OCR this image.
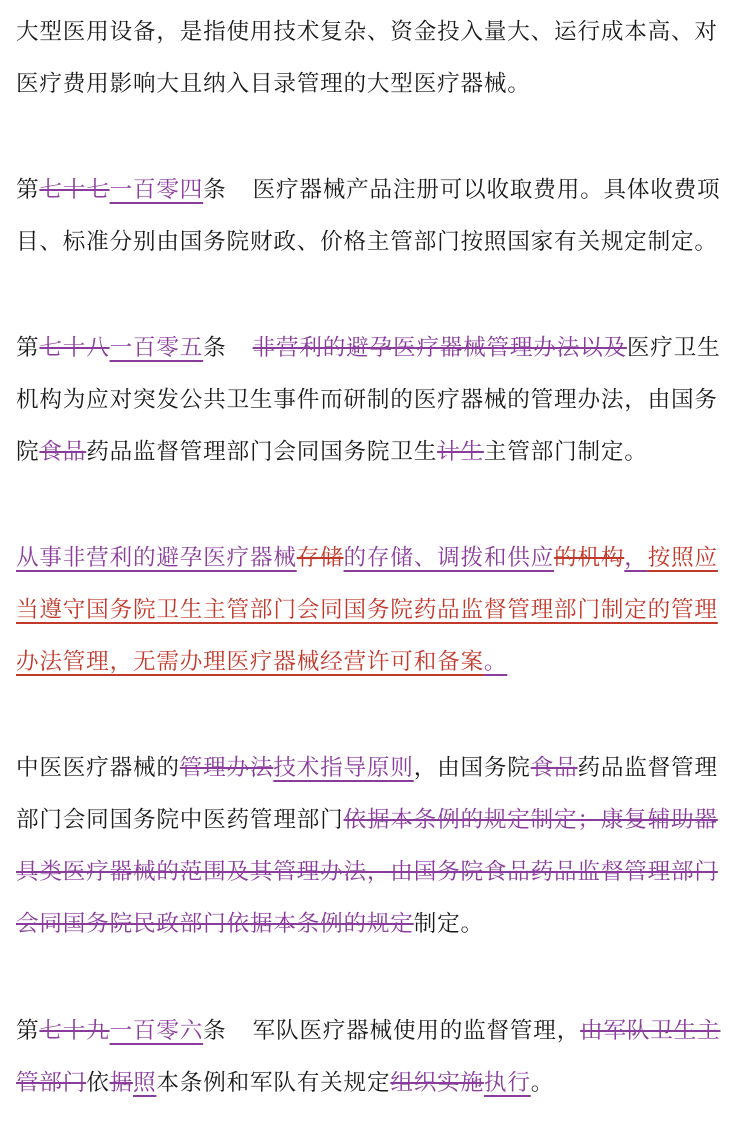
大型医用设备，是指使用技术复杂、资金投入量大、运行成本高、对医疗费用影响大且纳入目录管理的大型医疗器械。

第七十七一百零四条 医疗器械产品注册可以收取费用。具体收费项目、标准分别由国务院财政、价格主管部门按照国家有关规定制定。

第七十八一百零五条 非营利的避孕医疗器械管理办法以及医疗卫生机构为应对突发公共卫生事件而研制的医疗器械的管理办法，由国务院食品药品监督管理部门会同国务院卫生计生主管部门制定。

从事非营利的避孕医疗器械存储的存储、调拨和供应的机构，按照应当遵守国务院卫生主管部门会同国务院药品监督管理部门制定的管理办法管理，无需办理医疗器械经营许可和备案。

中医医疗器械的管理办法技术指导原则，由国务院食品药品监督管理部门会同国务院中医药管理部门依据本条例的规定制定；康复辅助器具类医疗器械的范围及其管理办法，由国务院食品药品监督管理部门会同国务院民政部门依据本条例的规定制定。

第七十九一百零六条 军队医疗器械使用的监督管理，由军队卫生主管部门依据照本条例和军队有关规定组织实施执行。
